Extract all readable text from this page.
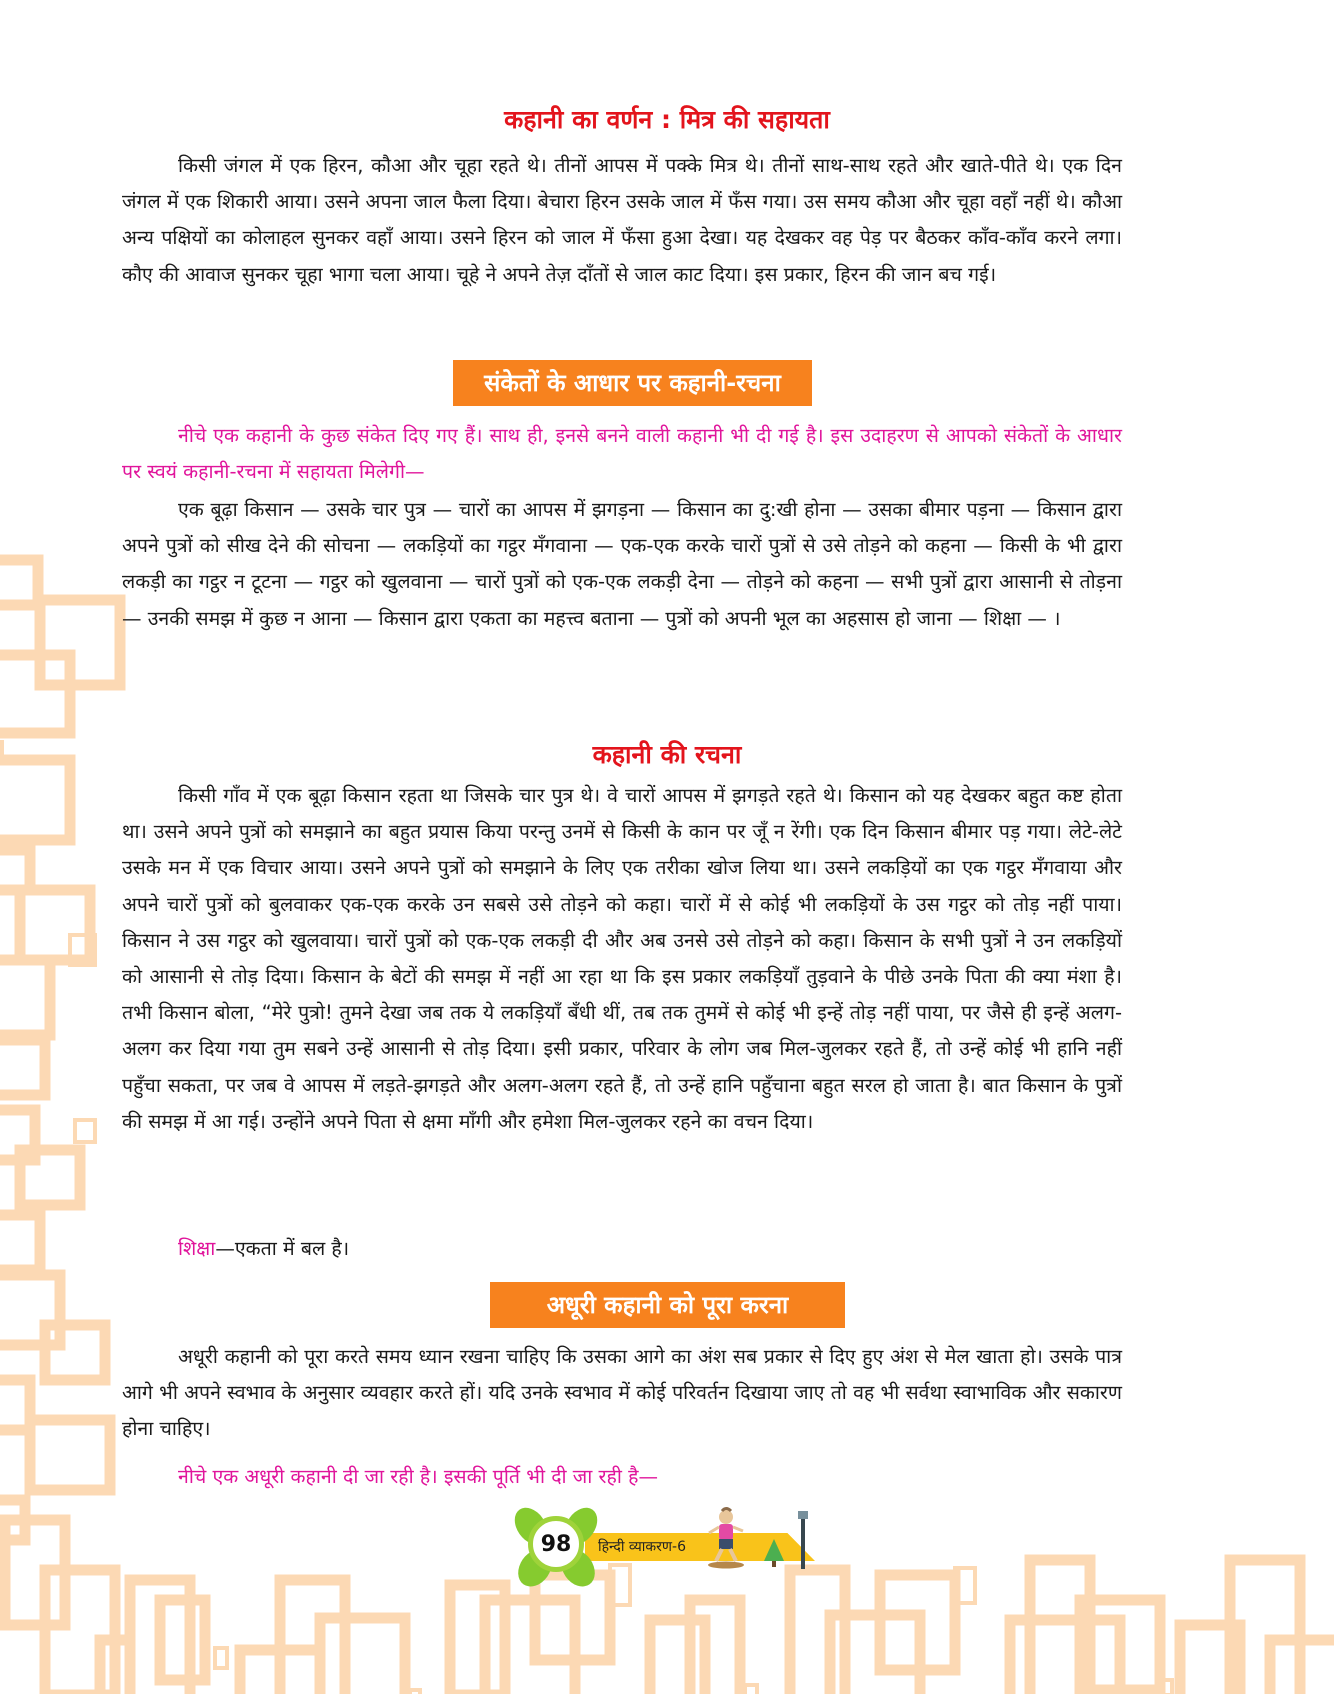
कहानी का वर्णन : मित्र की सहायता

किसी जंगल में एक हिरन, कौआ और चूहा रहते थे। तीनों आपस में पक्के मित्र थे। तीनों साथ-साथ रहते और खाते-पीते थे। एक दिन जंगल में एक शिकारी आया। उसने अपना जाल फैला दिया। बेचारा हिरन उसके जाल में फँस गया। उस समय कौआ और चूहा वहाँ नहीं थे। कौआ अन्य पक्षियों का कोलाहल सुनकर वहाँ आया। उसने हिरन को जाल में फँसा हुआ देखा। यह देखकर वह पेड़ पर बैठकर काँव-काँव करने लगा। कौए की आवाज सुनकर चूहा भागा चला आया। चूहे ने अपने तेज़ दाँतों से जाल काट दिया। इस प्रकार, हिरन की जान बच गई।

संकेतों के आधार पर कहानी-रचना

नीचे एक कहानी के कुछ संकेत दिए गए हैं। साथ ही, इनसे बनने वाली कहानी भी दी गई है। इस उदाहरण से आपको संकेतों के आधार पर स्वयं कहानी-रचना में सहायता मिलेगी—

एक बूढ़ा किसान — उसके चार पुत्र — चारों का आपस में झगड़ना — किसान का दु:खी होना — उसका बीमार पड़ना — किसान द्वारा अपने पुत्रों को सीख देने की सोचना — लकड़ियों का गट्ठर मँगवाना — एक-एक करके चारों पुत्रों से उसे तोड़ने को कहना — किसी के भी द्वारा लकड़ी का गट्ठर न टूटना — गट्ठर को खुलवाना — चारों पुत्रों को एक-एक लकड़ी देना — तोड़ने को कहना — सभी पुत्रों द्वारा आसानी से तोड़ना — उनकी समझ में कुछ न आना — किसान द्वारा एकता का महत्त्व बताना — पुत्रों को अपनी भूल का अहसास हो जाना — शिक्षा — ।

कहानी की रचना

किसी गाँव में एक बूढ़ा किसान रहता था जिसके चार पुत्र थे। वे चारों आपस में झगड़ते रहते थे। किसान को यह देखकर बहुत कष्ट होता था। उसने अपने पुत्रों को समझाने का बहुत प्रयास किया परन्तु उनमें से किसी के कान पर जूँ न रेंगी। एक दिन किसान बीमार पड़ गया। लेटे-लेटे उसके मन में एक विचार आया। उसने अपने पुत्रों को समझाने के लिए एक तरीका खोज लिया था। उसने लकड़ियों का एक गट्ठर मँगवाया और अपने चारों पुत्रों को बुलवाकर एक-एक करके उन सबसे उसे तोड़ने को कहा। चारों में से कोई भी लकड़ियों के उस गट्ठर को तोड़ नहीं पाया। किसान ने उस गट्ठर को खुलवाया। चारों पुत्रों को एक-एक लकड़ी दी और अब उनसे उसे तोड़ने को कहा। किसान के सभी पुत्रों ने उन लकड़ियों को आसानी से तोड़ दिया। किसान के बेटों की समझ में नहीं आ रहा था कि इस प्रकार लकड़ियाँ तुड़वाने के पीछे उनके पिता की क्या मंशा है। तभी किसान बोला, “मेरे पुत्रो! तुमने देखा जब तक ये लकड़ियाँ बँधी थीं, तब तक तुममें से कोई भी इन्हें तोड़ नहीं पाया, पर जैसे ही इन्हें अलग-अलग कर दिया गया तुम सबने उन्हें आसानी से तोड़ दिया। इसी प्रकार, परिवार के लोग जब मिल-जुलकर रहते हैं, तो उन्हें कोई भी हानि नहीं पहुँचा सकता, पर जब वे आपस में लड़ते-झगड़ते और अलग-अलग रहते हैं, तो उन्हें हानि पहुँचाना बहुत सरल हो जाता है। बात किसान के पुत्रों की समझ में आ गई। उन्होंने अपने पिता से क्षमा माँगी और हमेशा मिल-जुलकर रहने का वचन दिया।

शिक्षा—एकता में बल है।

अधूरी कहानी को पूरा करना

अधूरी कहानी को पूरा करते समय ध्यान रखना चाहिए कि उसका आगे का अंश सब प्रकार से दिए हुए अंश से मेल खाता हो। उसके पात्र आगे भी अपने स्वभाव के अनुसार व्यवहार करते हों। यदि उनके स्वभाव में कोई परिवर्तन दिखाया जाए तो वह भी सर्वथा स्वाभाविक और सकारण होना चाहिए।

नीचे एक अधूरी कहानी दी जा रही है। इसकी पूर्ति भी दी जा रही है—

98	हिन्दी व्याकरण-6
